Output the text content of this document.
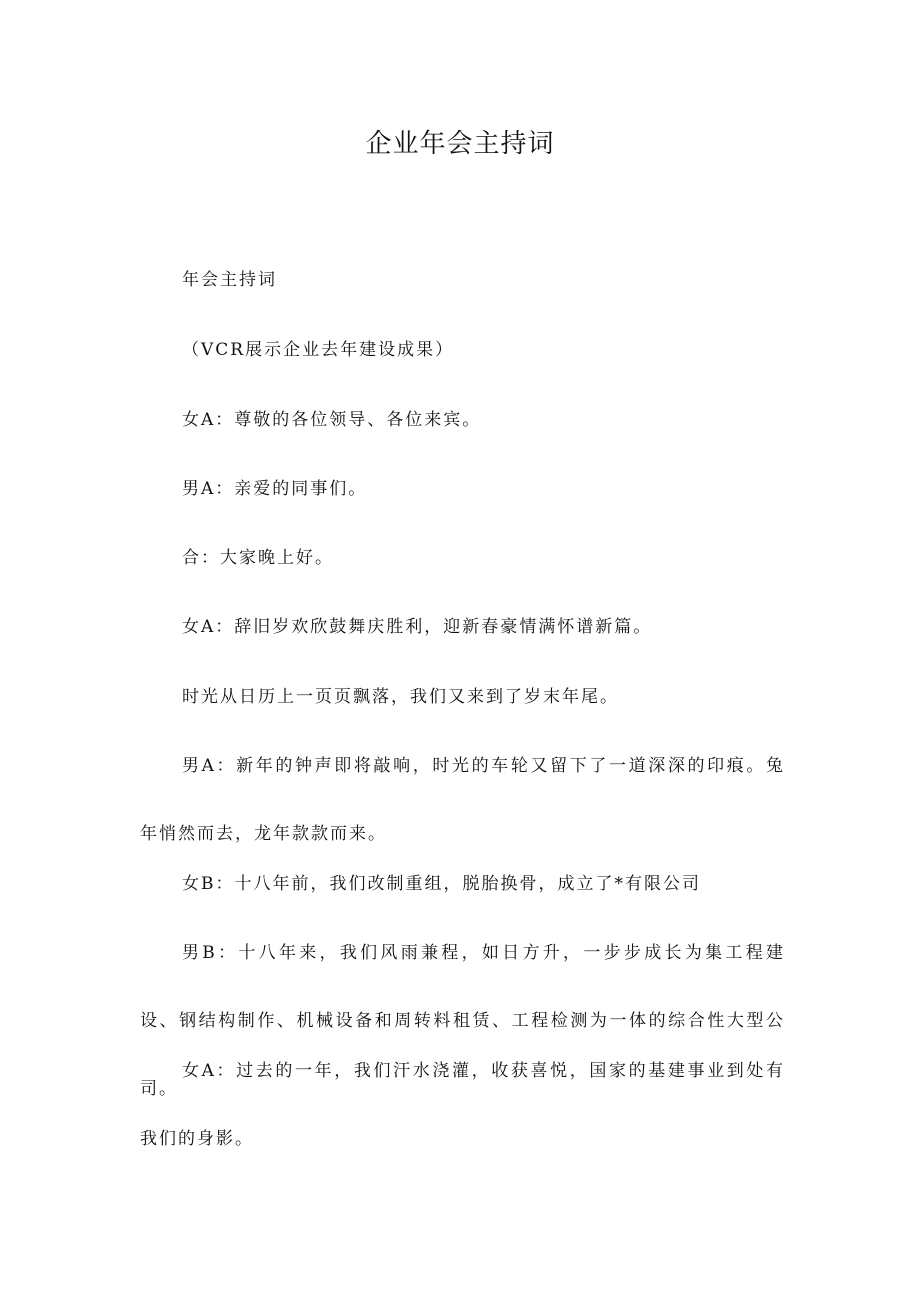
企业年会主持词
年会主持词
（VCR展示企业去年建设成果）
女A：尊敬的各位领导、各位来宾。
男A：亲爱的同事们。
合：大家晚上好。
女A：辞旧岁欢欣鼓舞庆胜利，迎新春豪情满怀谱新篇。
时光从日历上一页页飘落，我们又来到了岁末年尾。
男A：新年的钟声即将敲响，时光的车轮又留下了一道深深的印痕。兔年悄然而去，龙年款款而来。
女B：十八年前，我们改制重组，脱胎换骨，成立了*有限公司
男B：十八年来，我们风雨兼程，如日方升，一步步成长为集工程建设、钢结构制作、机械设备和周转料租赁、工程检测为一体的综合性大型公司。
女A：过去的一年，我们汗水浇灌，收获喜悦，国家的基建事业到处有我们的身影。
